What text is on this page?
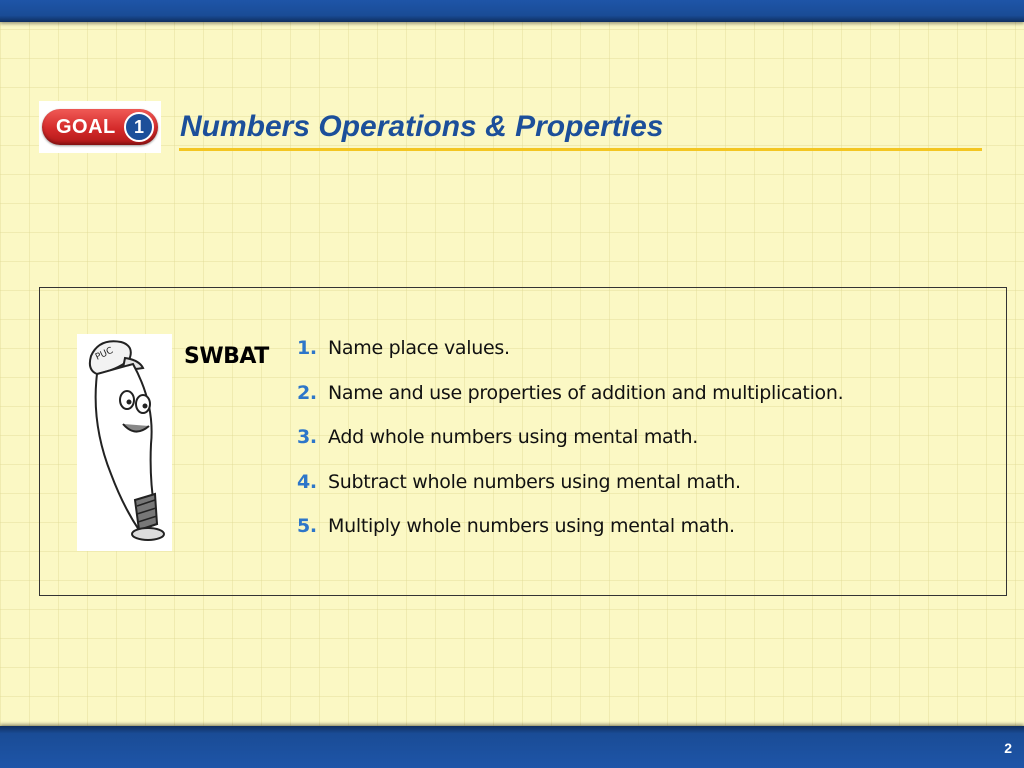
GOAL	1	Numbers Operations & Properties
PUC	SWBAT 1. Name place values.
2. Name and use properties of addition and multiplication.
3. Add whole numbers using mental math.
4. Subtract whole numbers using mental math.
5. Multiply whole numbers using mental math.
2
